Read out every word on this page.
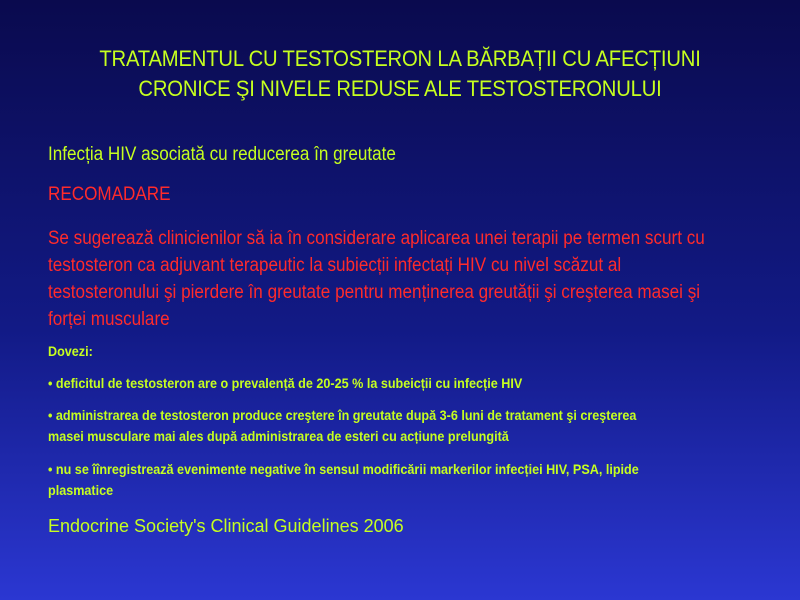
TRATAMENTUL CU TESTOSTERON LA BĂRBAȚII CU AFECȚIUNI
CRONICE ŞI NIVELE REDUSE ALE TESTOSTERONULUI
Infecția HIV asociată cu reducerea în greutate
RECOMADARE
Se sugerează clinicienilor să ia în considerare aplicarea unei terapii pe termen scurt cu
testosteron ca adjuvant terapeutic la subiecții infectați HIV cu nivel scăzut al
testosteronului şi pierdere în greutate pentru menținerea greutății şi creşterea masei şi
forței musculare
Dovezi:
• deficitul de testosteron are o prevalență de 20-25 % la subeicții cu infecție HIV
• administrarea de testosteron produce creştere în greutate după 3-6 luni de tratament şi creşterea
masei musculare mai ales după administrarea de esteri cu acțiune prelungită
• nu se îînregistrează evenimente negative în sensul modificării markerilor infecției HIV, PSA, lipide
plasmatice
Endocrine Society's Clinical Guidelines 2006
